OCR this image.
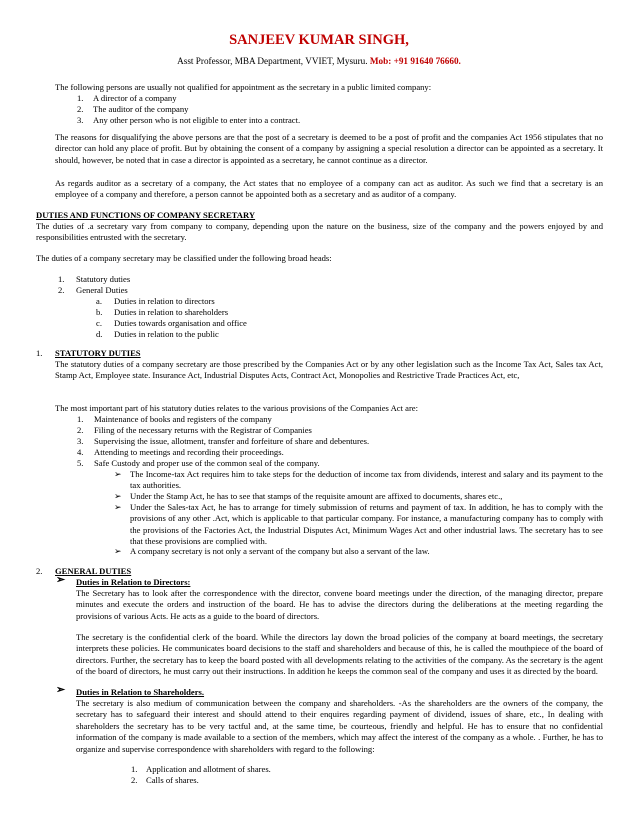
SANJEEV KUMAR SINGH,
Asst Professor, MBA Department, VVIET, Mysuru. Mob: +91 91640 76660.
The following persons are usually not qualified for appointment as the secretary in a public limited company:
1. A director of a company
2. The auditor of the company
3. Any other person who is not eligible to enter into a contract.
The reasons for disqualifying the above persons are that the post of a secretary is deemed to be a post of profit and the companies Act 1956 stipulates that no director can hold any place of profit. But by obtaining the consent of a company by assigning a special resolution a director can be appointed as a secretary. It should, however, be noted that in case a director is appointed as a secretary, he cannot continue as a director.
As regards auditor as a secretary of a company, the Act states that no employee of a company can act as auditor. As such we find that a secretary is an employee of a company and therefore, a person cannot be appointed both as a secretary and as auditor of a company.
DUTIES AND FUNCTIONS OF COMPANY SECRETARY
The duties of .a secretary vary from company to company, depending upon the nature on the business, size of the company and the powers enjoyed by and responsibilities entrusted with the secretary.
The duties of a company secretary may be classified under the following broad heads:
1. Statutory duties
2. General Duties
a. Duties in relation to directors
b. Duties in relation to shareholders
c. Duties towards organisation and office
d. Duties in relation to the public
1. STATUTORY DUTIES
The statutory duties of a company secretary are those prescribed by the Companies Act or by any other legislation such as the Income Tax Act, Sales tax Act, Stamp Act, Employee state. Insurance Act, Industrial Disputes Acts, Contract Act, Monopolies and Restrictive Trade Practices Act, etc,
The most important part of his statutory duties relates to the various provisions of the Companies Act are:
1. Maintenance of books and registers of the company
2. Filing of the necessary returns with the Registrar of Companies
3. Supervising the issue, allotment, transfer and forfeiture of share and debentures.
4. Attending to meetings and recording their proceedings.
5. Safe Custody and proper use of the common seal of the company.
➢ The Income-tax Act requires him to take steps for the deduction of income tax from dividends, interest and salary and its payment to the tax authorities.
➢ Under the Stamp Act, he has to see that stamps of the requisite amount are affixed to documents, shares etc.,
➢ Under the Sales-tax Act, he has to arrange for timely submission of returns and payment of tax. In addition, he has to comply with the provisions of any other .Act, which is applicable to that particular company. For instance, a manufacturing company has to comply with the provisions of the Factories Act, the Industrial Disputes Act, Minimum Wages Act and other industrial laws. The secretary has to see that these provisions are complied with.
➢ A company secretary is not only a servant of the company but also a servant of the law.
2. GENERAL DUTIES
➢ Duties in Relation to Directors:
The Secretary has to look after the correspondence with the director, convene board meetings under the direction, of the managing director, prepare minutes and execute the orders and instruction of the board. He has to advise the directors during the deliberations at the meeting regarding the provisions of various Acts. He acts as a guide to the board of directors.
The secretary is the confidential clerk of the board. While the directors lay down the broad policies of the company at board meetings, the secretary interprets these policies. He communicates board decisions to the staff and shareholders and because of this, he is called the mouthpiece of the board of directors. Further, the secretary has to keep the board posted with all developments relating to the activities of the company. As the secretary is the agent of the board of directors, he must carry out their instructions. In addition he keeps the common seal of the company and uses it as directed by the board.
➢ Duties in Relation to Shareholders.
The secretary is also medium of communication between the company and shareholders. -As the shareholders are the owners of the company, the secretary has to safeguard their interest and should attend to their enquires regarding payment of dividend, issues of share, etc., In dealing with shareholders the secretary has to be very tactful and, at the same time, be courteous, friendly and helpful. He has to ensure that no confidential information of the company is made available to a section of the members, which may affect the interest of the company as a whole. . Further, he has to organize and supervise correspondence with shareholders with regard to the following:
1. Application and allotment of shares.
2. Calls of shares.
